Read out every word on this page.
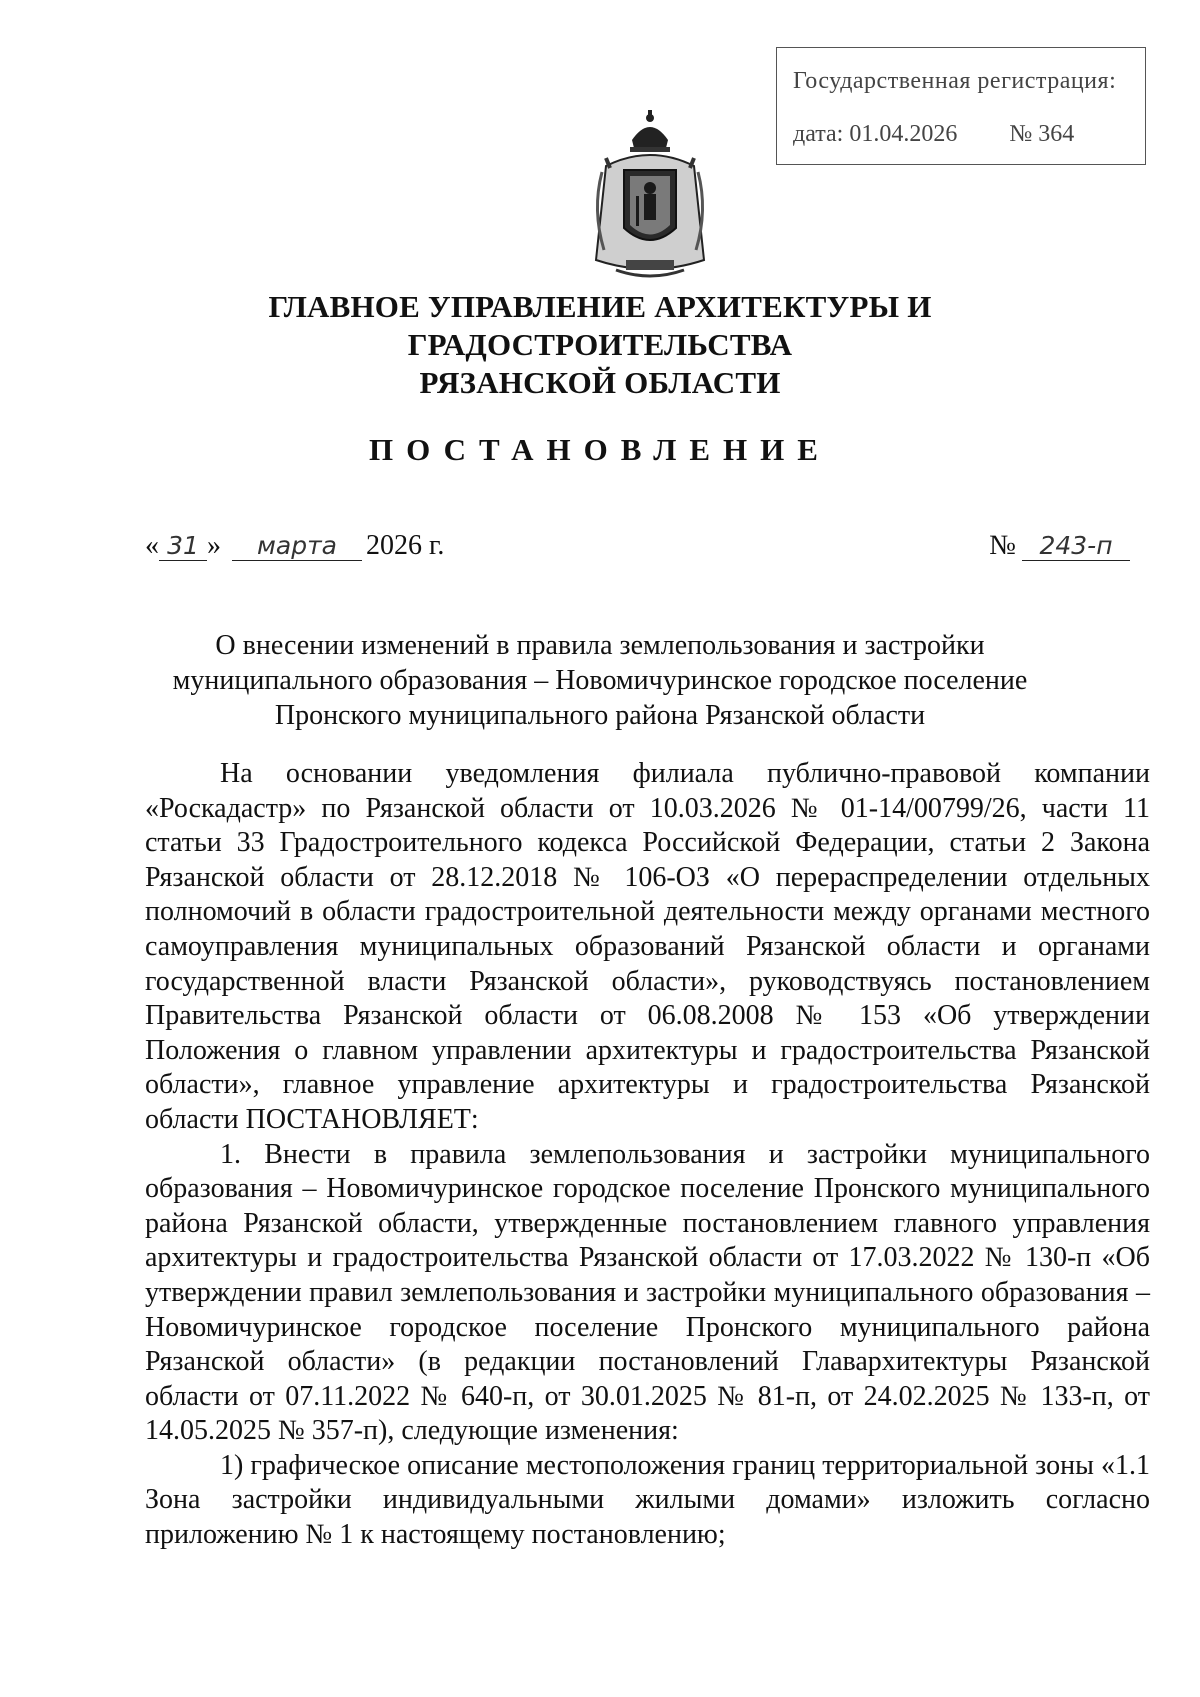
Государственная регистрация:
дата: 01.04.2026 № 364
ГЛАВНОЕ УПРАВЛЕНИЕ АРХИТЕКТУРЫ И ГРАДОСТРОИТЕЛЬСТВА
РЯЗАНСКОЙ ОБЛАСТИ
ПОСТАНОВЛЕНИЕ
« 31 » марта 2026 г.	№ 243-п
О внесении изменений в правила землепользования и застройки
муниципального образования – Новомичуринское городское поселение
Пронского муниципального района Рязанской области

На основании уведомления филиала публично-правовой компании «Роскадастр» по Рязанской области от 10.03.2026 № 01-14/00799/26, части 11 статьи 33 Градостроительного кодекса Российской Федерации, статьи 2 Закона Рязанской области от 28.12.2018 № 106-ОЗ «О перераспределении отдельных полномочий в области градостроительной деятельности между органами местного самоуправления муниципальных образований Рязанской области и органами государственной власти Рязанской области», руководствуясь постановлением Правительства Рязанской области от 06.08.2008 № 153 «Об утверждении Положения о главном управлении архитектуры и градостроительства Рязанской области», главное управление архитектуры и градостроительства Рязанской области ПОСТАНОВЛЯЕТ:

1. Внести в правила землепользования и застройки муниципального образования – Новомичуринское городское поселение Пронского муниципального района Рязанской области, утвержденные постановлением главного управления архитектуры и градостроительства Рязанской области от 17.03.2022 № 130-п «Об утверждении правил землепользования и застройки муниципального образования – Новомичуринское городское поселение Пронского муниципального района Рязанской области» (в редакции постановлений Главархитектуры Рязанской области от 07.11.2022 № 640-п, от 30.01.2025 № 81-п, от 24.02.2025 № 133-п, от 14.05.2025 № 357-п), следующие изменения:

1) графическое описание местоположения границ территориальной зоны «1.1 Зона застройки индивидуальными жилыми домами» изложить согласно приложению № 1 к настоящему постановлению;
